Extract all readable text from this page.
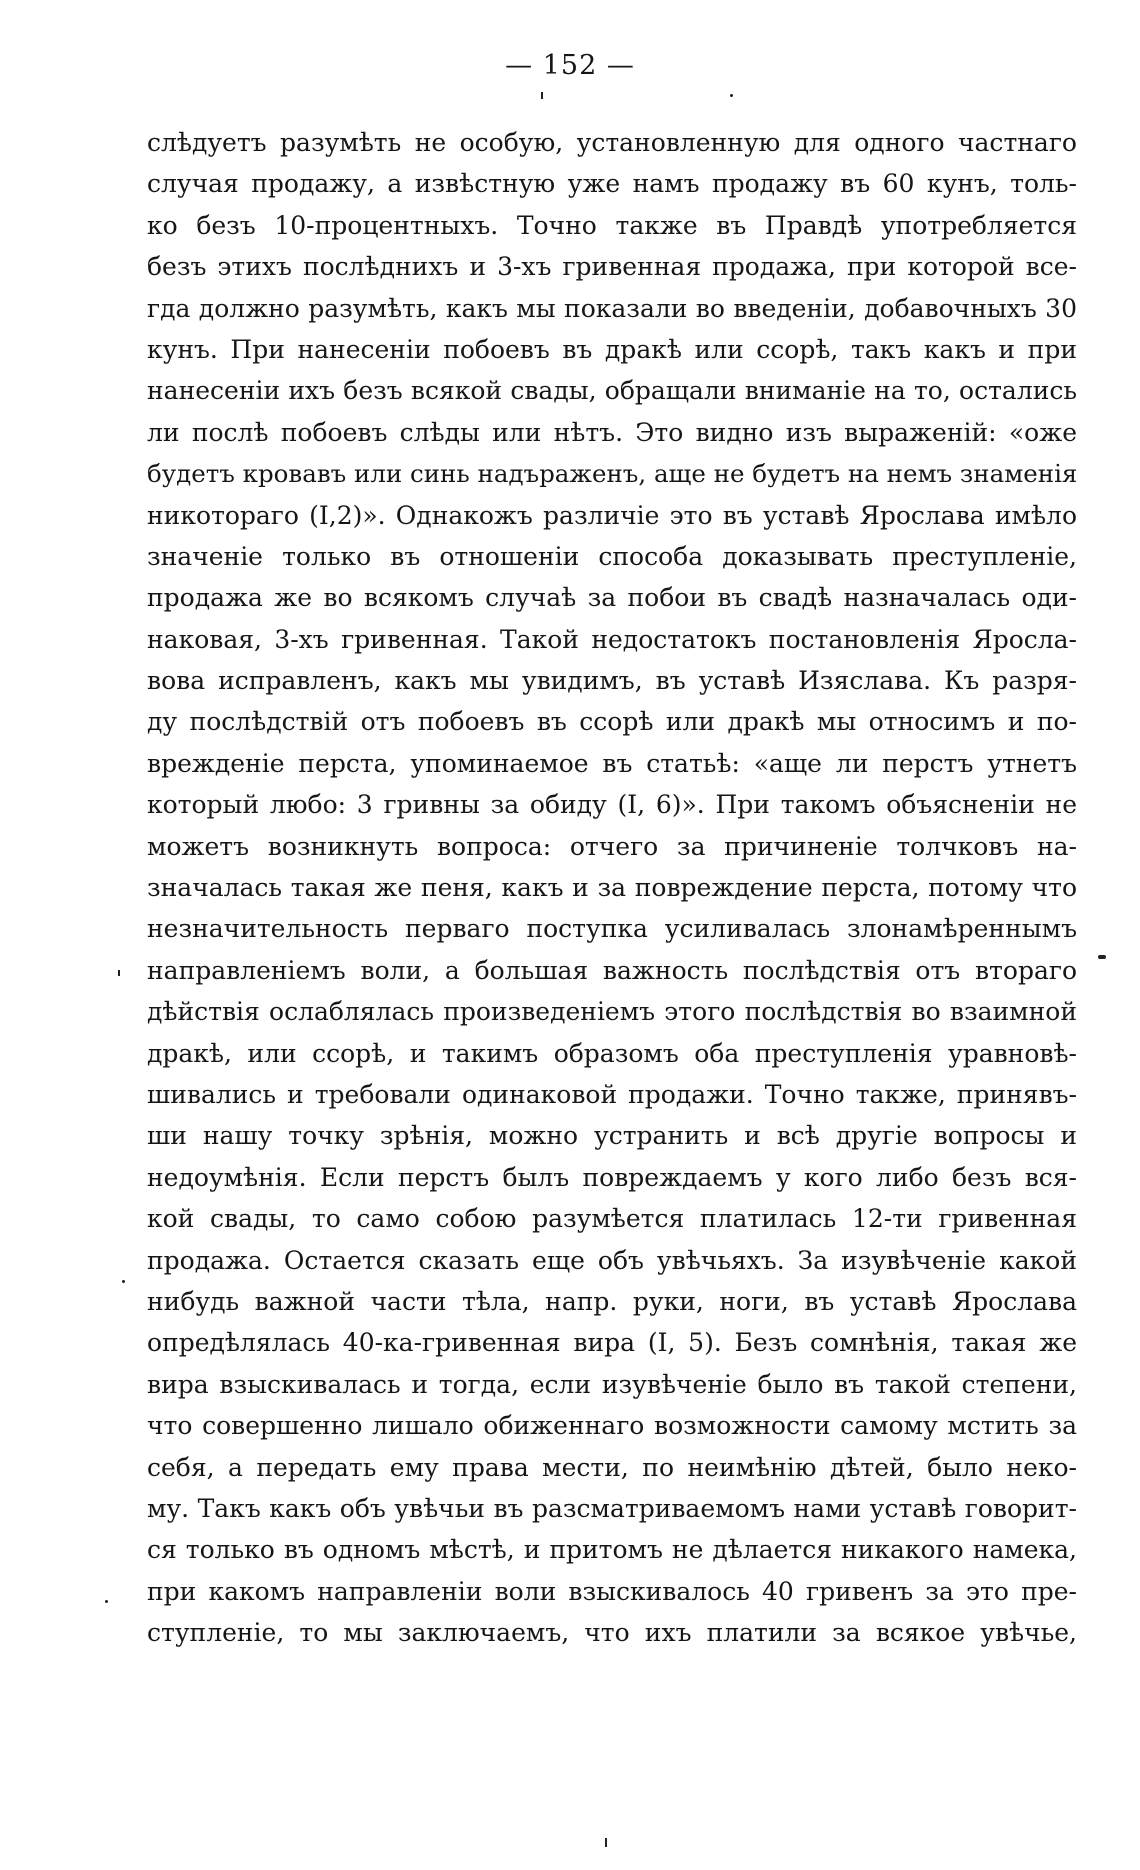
— 152 —
слѣдуетъ разумѣть не особую, установленную для одного частнаго
случая продажу, а извѣстную уже намъ продажу въ 60 кунъ, толь-
ко безъ 10-процентныхъ. Точно также въ Правдѣ употребляется
безъ этихъ послѣднихъ и 3-хъ гривенная продажа, при которой все-
гда должно разумѣть, какъ мы показали во введеніи, добавочныхъ 30
кунъ. При нанесеніи побоевъ въ дракѣ или ссорѣ, такъ какъ и при
нанесеніи ихъ безъ всякой свады, обращали вниманіе на то, остались
ли послѣ побоевъ слѣды или нѣтъ. Это видно изъ выраженій: «оже
будетъ кровавъ или синь надъраженъ, аще не будетъ на немъ знаменія
никотораго (I,2)». Однакожъ различіе это въ уставѣ Ярослава имѣло
значеніе только въ отношеніи способа доказывать преступленіе,
продажа же во всякомъ случаѣ за побои въ свадѣ назначалась оди-
наковая, 3-хъ гривенная. Такой недостатокъ постановленія Яросла-
вова исправленъ, какъ мы увидимъ, въ уставѣ Изяслава. Къ разря-
ду послѣдствій отъ побоевъ въ ссорѣ или дракѣ мы относимъ и по-
врежденіе перста, упоминаемое въ статьѣ: «аще ли перстъ утнетъ
который любо: 3 гривны за обиду (I, 6)». При такомъ объясненіи не
можетъ возникнуть вопроса: отчего за причиненіе толчковъ на-
значалась такая же пеня, какъ и за повреждение перста, потому что
незначительность перваго поступка усиливалась злонамѣреннымъ
направленіемъ воли, а большая важность послѣдствія отъ втораго
дѣйствія ослаблялась произведеніемъ этого послѣдствія во взаимной
дракѣ, или ссорѣ, и такимъ образомъ оба преступленія уравновѣ-
шивались и требовали одинаковой продажи. Точно также, принявъ-
ши нашу точку зрѣнія, можно устранить и всѣ другіе вопросы и
недоумѣнія. Если перстъ былъ повреждаемъ у кого либо безъ вся-
кой свады, то само собою разумѣется платилась 12-ти гривенная
продажа. Остается сказать еще объ увѣчьяхъ. За изувѣченіе какой
нибудь важной части тѣла, напр. руки, ноги, въ уставѣ Ярослава
опредѣлялась 40-ка-гривенная вира (I, 5). Безъ сомнѣнія, такая же
вира взыскивалась и тогда, если изувѣченіе было въ такой степени,
что совершенно лишало обиженнаго возможности самому мстить за
себя, а передать ему права мести, по неимѣнію дѣтей, было неко-
му. Такъ какъ объ увѣчьи въ разсматриваемомъ нами уставѣ говорит-
ся только въ одномъ мѣстѣ, и притомъ не дѣлается никакого намека,
при какомъ направленіи воли взыскивалось 40 гривенъ за это пре-
ступленіе, то мы заключаемъ, что ихъ платили за всякое увѣчье,
